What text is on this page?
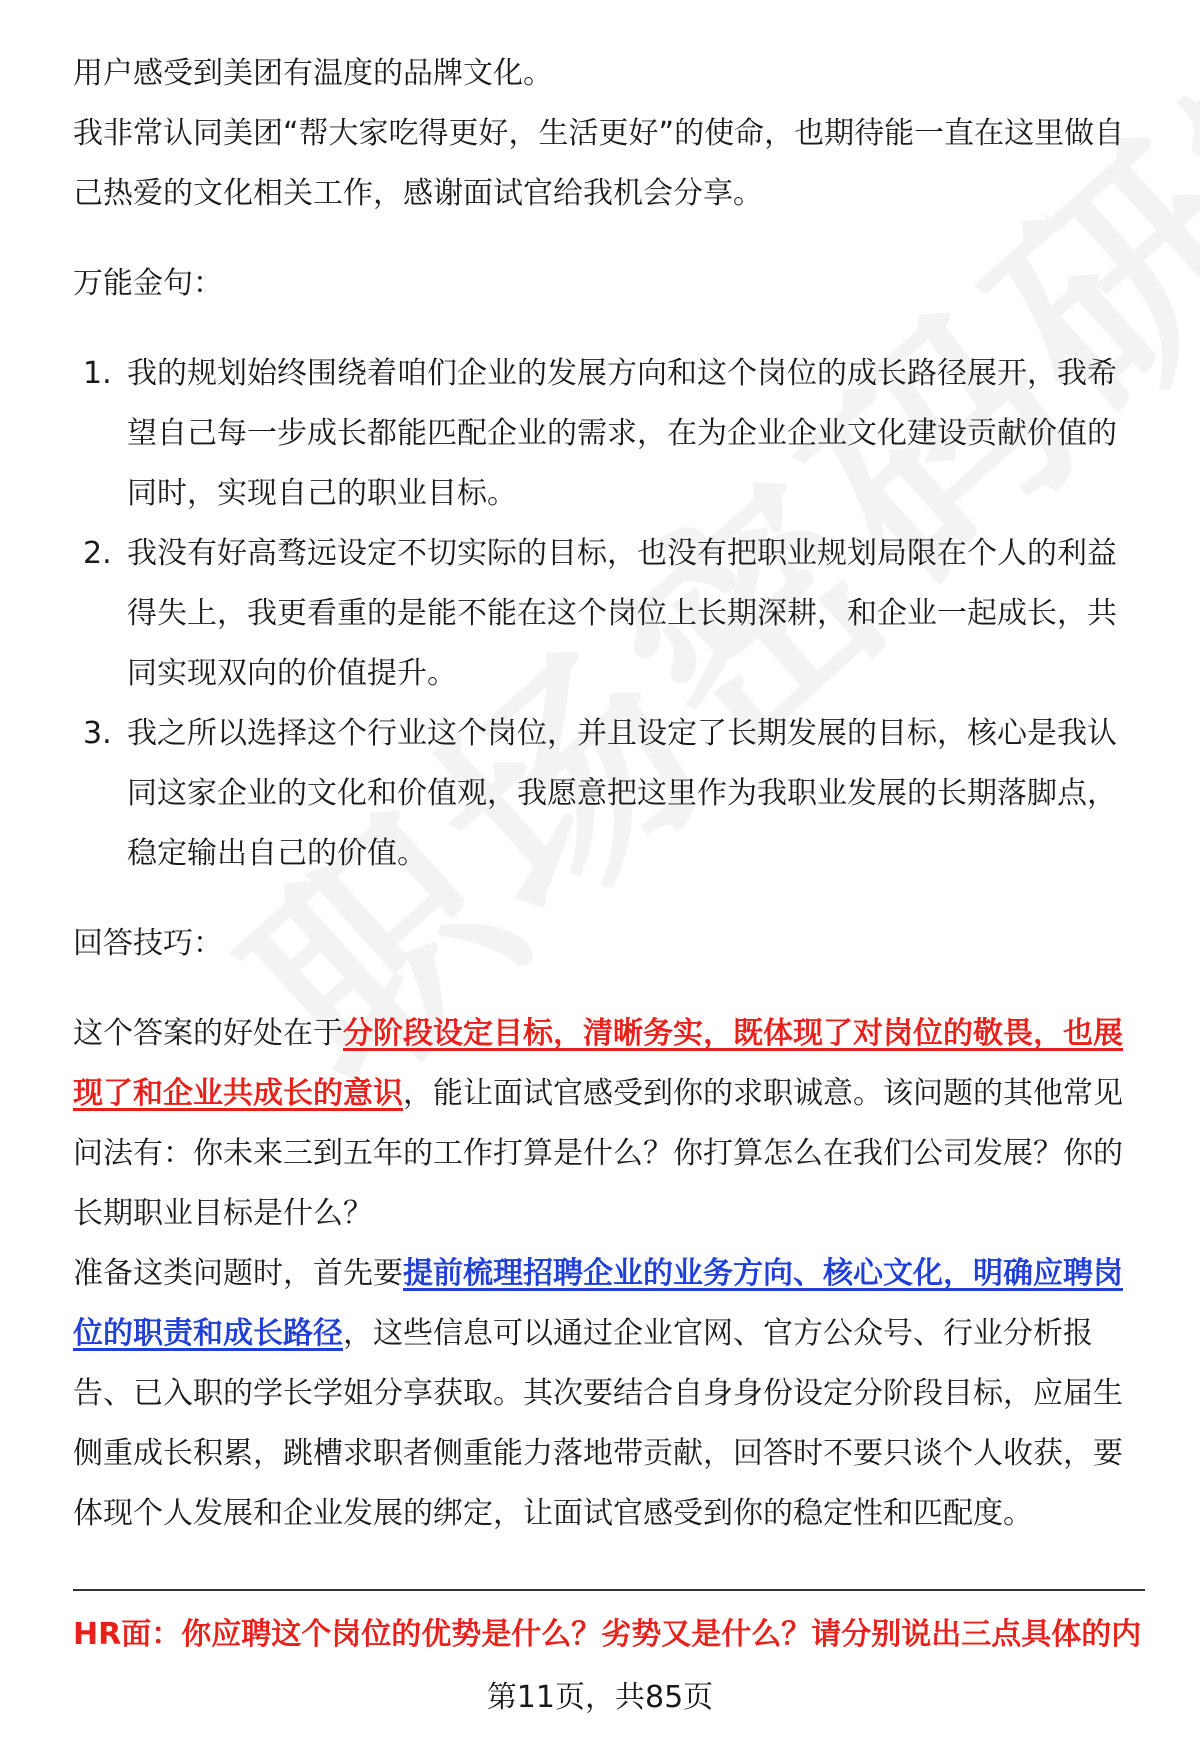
用户感受到美团有温度的品牌文化。

我非常认同美团“帮大家吃得更好，生活更好”的使命，也期待能一直在这里做自己热爱的文化相关工作，感谢面试官给我机会分享。

万能金句：

1. 我的规划始终围绕着咱们企业的发展方向和这个岗位的成长路径展开，我希望自己每一步成长都能匹配企业的需求，在为企业企业文化建设贡献价值的同时，实现自己的职业目标。
2. 我没有好高骛远设定不切实际的目标，也没有把职业规划局限在个人的利益得失上，我更看重的是能不能在这个岗位上长期深耕，和企业一起成长，共同实现双向的价值提升。
3. 我之所以选择这个行业这个岗位，并且设定了长期发展的目标，核心是我认同这家企业的文化和价值观，我愿意把这里作为我职业发展的长期落脚点，稳定输出自己的价值。

回答技巧：

这个答案的好处在于分阶段设定目标，清晰务实，既体现了对岗位的敬畏，也展现了和企业共成长的意识，能让面试官感受到你的求职诚意。该问题的其他常见问法有：你未来三到五年的工作打算是什么？你打算怎么在我们公司发展？你的长期职业目标是什么？

准备这类问题时，首先要提前梳理招聘企业的业务方向、核心文化，明确应聘岗位的职责和成长路径，这些信息可以通过企业官网、官方公众号、行业分析报告、已入职的学长学姐分享获取。其次要结合自身身份设定分阶段目标，应届生侧重成长积累，跳槽求职者侧重能力落地带贡献，回答时不要只谈个人收获，要体现个人发展和企业发展的绑定，让面试官感受到你的稳定性和匹配度。

HR面：你应聘这个岗位的优势是什么？劣势又是什么？请分别说出三点具体的内
第11页，共85页
